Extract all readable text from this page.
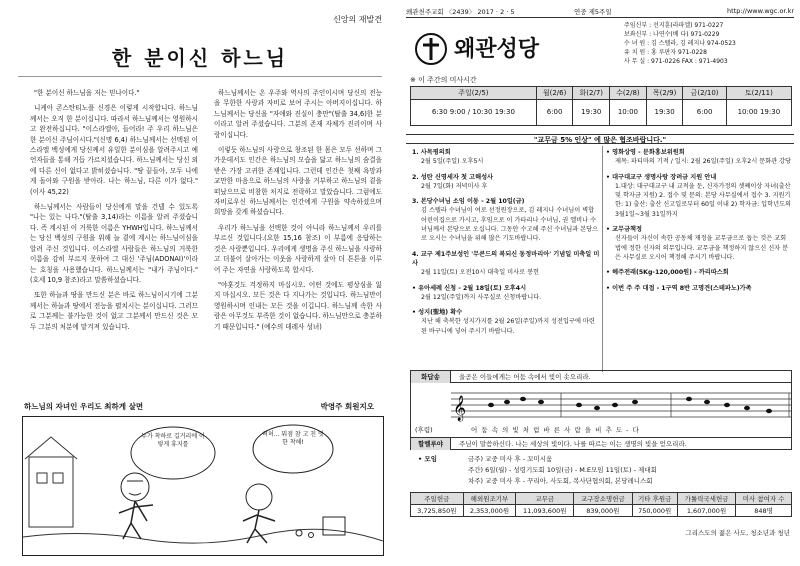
신앙의 재발견
한 분이신 하느님

"한 분이신 하느님을 저는 믿나이다."

니케아 콘스탄티노플 신경은 이렇게 시작합니다. 하느님께서는 오직 한 분이십니다. 따라서 하느님께서는 영원하시고 완전하십니다. "이스라엘아, 들어라! 주 우리 하느님은 한 분이신 주님이시다."(신명 6,4) 하느님께서는 선택된 이스라엘 백성에게 당신께서 유일한 분이심을 알려주시고 예언자들을 통해 거듭 가르치셨습니다. 하느님께서는 당신 외에 다른 신이 없다고 밝히셨습니다. "땅 끝들아, 모두 나에게 돌아와 구원을 받아라. 나는 하느님, 다른 이가 없다."(이사 45,22)

하느님께서는 사람들이 당신에게 말을 건넬 수 있도록 "나는 있는 나다."(탈출 3,14)라는 이름을 알려 주셨습니다. 즉 계시된 이 거룩한 이름은 YHWH입니다. 하느님께서는 당신 백성의 구원을 위해 늘 곁에 계시는 하느님이심을 알려 주신 것입니다. 이스라엘 사람들은 하느님의 거룩한 이름을 감히 부르지 못하여 그 대신 '주님(ADONAI)'이라는 호칭을 사용했습니다. 하느님께서는 "내가 주님이다."(호세 10,9 참조)라고 말씀하셨습니다.

또한 하늘과 땅을 만드신 분은 바로 하느님이시기에 그분께서는 하늘과 땅에서 전능을 펼치시는 분이십니다. 그러므로 그분께는 불가능한 것이 없고 그분께서 만드신 것은 모두 그분의 처분에 맡겨져 있습니다.

하느님께서는 온 우주와 역사의 주인이시며 당신의 전능을 무한한 사랑과 자비로 보여 주시는 아버지이십니다. 하느님께서는 당신을 "자애와 진실이 충만"(탈출 34,6)한 분이라고 알려 주셨습니다. 그분의 존재 자체가 진리이며 사랑이십니다.

이렇듯 하느님의 사랑으로 창조된 한 몸은 모두 선하며 그 가운데서도 인간은 하느님의 모습을 닮고 하느님의 숨결을 받은 가장 고귀한 존재입니다. 그런데 인간은 첫째 욕망과 교만한 마음으로 하느님의 사랑을 거부하고 하느님의 곁을 떠났으므로 비참한 처지로 전락하고 말았습니다. 그럼에도 자비로우신 하느님께서는 인간에게 구원을 약속하셨으며 희망을 갖게 하셨습니다.

우리가 하느님을 선택한 것이 아니라 하느님께서 우리를 부르신 것입니다.(요한 15,16 참조) 이 부름에 응답하는 것은 사랑뿐입니다. 우리에게 생명을 주신 하느님을 사랑하고 더불어 살아가는 이웃을 사랑하게 살아 더 튼튼을 이루어 주는 자연을 사랑하도록 합시다.

"야훗것도 걱정하지 마십시오. 어떤 것에도 평상심을 잃지 마십시오. 모든 것은 다 지나가는 것입니다. 하느님만이 영원하시며 인내는 모든 것을 이깁니다. 하느님께 속한 사람은 아무것도 부족한 것이 없습니다. 하느님만으로 충분하기 때문입니다." (예수의 데레사 성녀)

하느님의 자녀인 우리도 최하게 살면	박영주 회원지오
누가 착하로 길거리에 이렇게 휴지를
허허... 뭐점 참 고 친 멋한 착해!
왜관천주교회 〈2439〉 2017 · 2 · 5	연중 제5주일	http://www.wgc.or.kr
왜관성당
주임신부 : 선지훈(라파엘) 971-0227
보좌신부 : 나연수(베 다) 971-0229
수 녀 원 : 김 스텔라, 김 레지나 974-0523
유 치 원 : 홍 루판자 971-0228
사 무 실 : 971-0226 FAX : 971-4903
※ 이 주간의 미사시간
주일(2/5)	월(2/6)	화(2/7)	수(2/8)	목(2/9)	금(2/10)	토(2/11)
6:30 9:00 / 10:30 19:30	6:00	19:30	10:00	19:30	6:00	10:00 19:30
"교무금 5% 인상" 에 많은 협조바랍니다."
1. 사목평의회
2월 5일(주일) 오후5시
2. 성탄 신영세자 첫 고해성사
2월 7일(화) 저녁미사 후
3. 본당수녀님 소임 이동 - 2월 10일(금)
김 스텔라 수녀님이 여로 선정원장으로, 김 레지나 수녀님이 벽합어린이집으로 가시고, 후임으로 이 가타리나 수녀님, 권 엘비나 수녀님께서 본당으로 오십니다. 그동안 수고해 주신 수녀님과 본당으로 오시는 수녀님을 위해 많은 기도바랍니다.
4. 교구 제1주보성인 '무콘드의 복되신 동정마리아' 기념일 미축일 미사
2월 11일(토) 오전10시 대축일 미사로 봉헌
• 유아세례 신청 - 2월 18일(토) 오후4시
2월 12일(주일)까지 사무실로 신청바랍니다.
• 성지(聖地) 확수
지난 해 축복한 성지가지를 2월 26일(주일)까지 성전입구에 마련된 바구니에 넣어 주시기 바랍니다.
• 영화상영 - 문화홍보위원회
제목: 파티마의 기적 / 일시: 2월 26일(주일) 오후2시 문화관 강당
• 대구대교구 생명사랑 장려금 지원 안내
1.대상: 대구대교구 내 교적을 둔, 신자가정의 셋째이상 자녀(출산 및 학자금 지원) 2. 접수 및 문의: 본당 사무실에서 접수 3. 지원기한: 1) 출산: 출산 신고일로부터 60일 이내 2) 학자금: 입학년도의 3월1일~3월 31일까지
• 교무금책정
신자들이 자신이 속한 공동체 재정을 교무금으로 돕는 것은 교회법에 정한 신자의 의무입니다. 교무금을 책정하지 않으신 신자 분은 사무실로 오시어 책정해 주시기 바랍니다.
• 헤주전래(5Kg-120,000원) - 까리따스회
• 이번 주 주 대접 - 1구역 8반 고명견(스테파노)가족
화답송	울곧은 이들에게는 어둠 속에서 빛이 솟으리라.
𝄞
(후렴)	어 둠 속 의 빛 처 럼 바 른 사 람 을 비 추 도 - 다
할렐루야	주님이 말씀하신다. 나는 세상의 빛이다. 나를 따르는 이는 생명의 빛을 얻으리라.
• 모임	금주) 교중 미사 후 - 꼬미시움
주간) 6일(월) - 성령기도회 10일(금) - M.E모임 11일(토) - 제대회
차주) 교중 미사 후 - 꾸리아, 사도회, 복사단협의회, 본당레니스회
주일헌금	해외원조기부	교무금	교구장소명헌금	기타 후원금	가톨릭국세헌금	미사 참여자 수
3,725,850원	2,353,000원	11,093,600원	839,000원	750,000원	1,607,000원	848명
그리스도의 젊은 사도, 청소년과 청년
